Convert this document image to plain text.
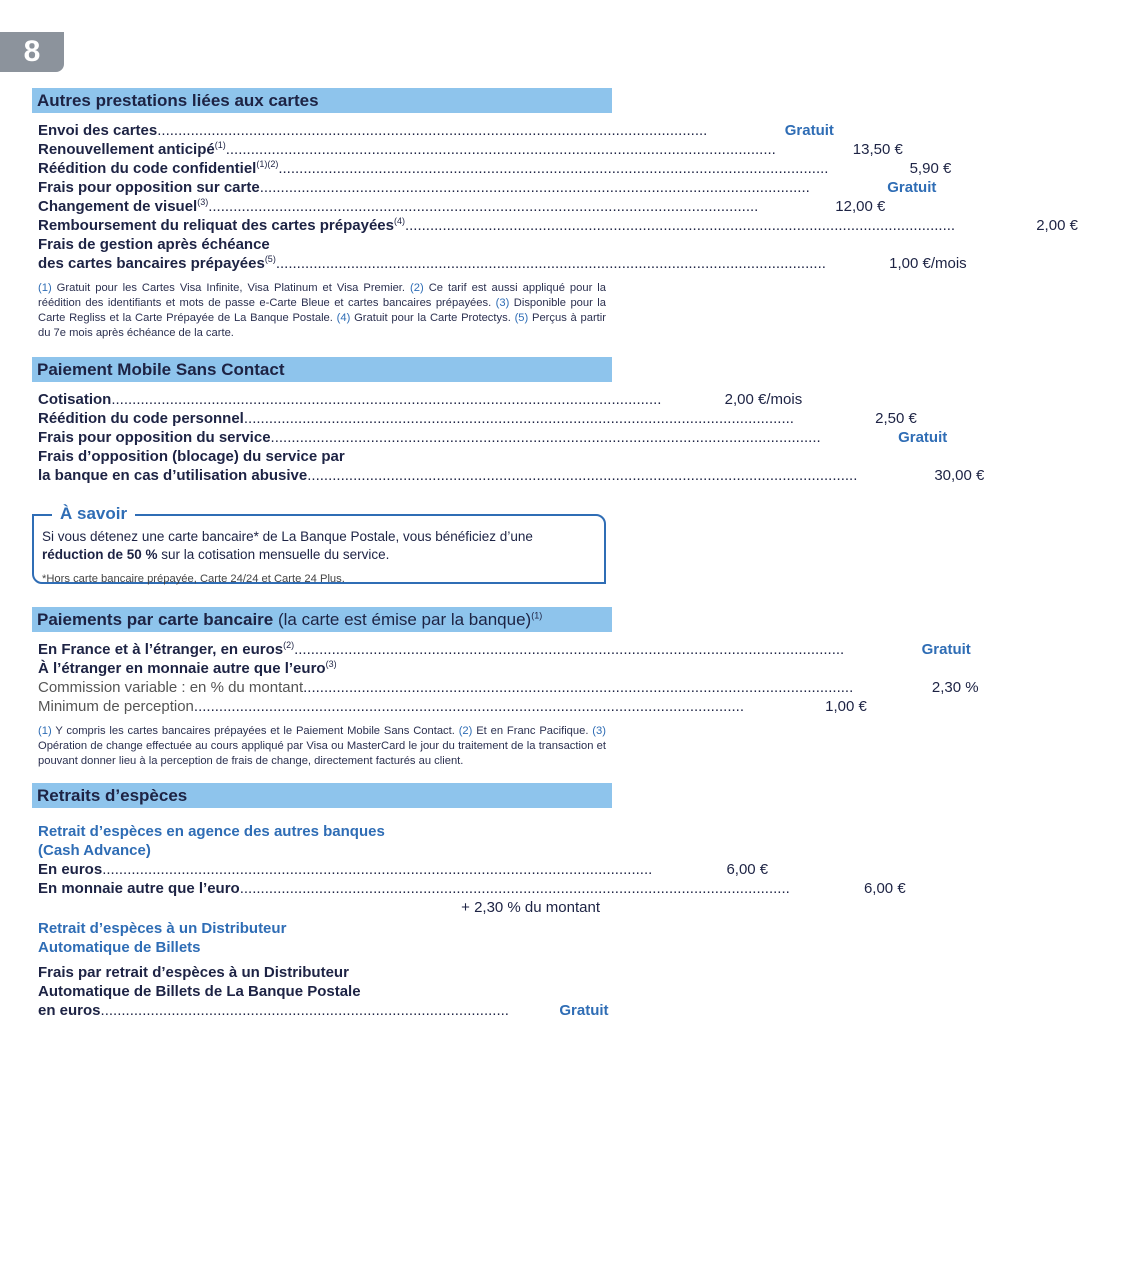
8
Autres prestations liées aux cartes
Envoi des cartes....................................................................................................................................	Gratuit
Renouvellement anticipé$^{(1)}$....................................................................................................................................	13,50 €
Réédition du code confidentiel$^{(1)(2)}$....................................................................................................................................	5,90 €
Frais pour opposition sur carte....................................................................................................................................	Gratuit
Changement de visuel$^{(3)}$....................................................................................................................................	12,00 €
Remboursement du reliquat des cartes prépayées$^{(4)}$....................................................................................................................................	2,00 €
Frais de gestion après échéance
des cartes bancaires prépayées$^{(5)}$....................................................................................................................................	1,00 €/mois
(1) Gratuit pour les Cartes Visa Infinite, Visa Platinum et Visa Premier. (2) Ce tarif est aussi appliqué pour la réédition des identifiants et mots de passe e-Carte Bleue et cartes bancaires prépayées. (3) Disponible pour la Carte Regliss et la Carte Prépayée de La Banque Postale. (4) Gratuit pour la Carte Protectys. (5) Perçus à partir du 7e mois après échéance de la carte.
Paiement Mobile Sans Contact
Cotisation....................................................................................................................................	2,00 €/mois
Réédition du code personnel....................................................................................................................................	2,50 €
Frais pour opposition du service....................................................................................................................................	Gratuit
Frais d’opposition (blocage) du service par
la banque en cas d’utilisation abusive....................................................................................................................................	30,00 €
À savoir

Si vous détenez une carte bancaire* de La Banque Postale, vous bénéficiez d’une réduction de 50 % sur la cotisation mensuelle du service.

*Hors carte bancaire prépayée, Carte 24/24 et Carte 24 Plus.

Paiements par carte bancaire (la carte est émise par la banque)$^{(1)}$
En France et à l’étranger, en euros$^{(2)}$....................................................................................................................................	Gratuit
À l’étranger en monnaie autre que l’euro$^{(3)}$
Commission variable : en % du montant....................................................................................................................................	2,30 %
Minimum de perception....................................................................................................................................	1,00 €
(1) Y compris les cartes bancaires prépayées et le Paiement Mobile Sans Contact. (2) Et en Franc Pacifique. (3) Opération de change effectuée au cours appliqué par Visa ou MasterCard le jour du traitement de la transaction et pouvant donner lieu à la perception de frais de change, directement facturés au client.
Retraits d’espèces
Retrait d’espèces en agence des autres banques
(Cash Advance)
En euros....................................................................................................................................	6,00 €
En monnaie autre que l’euro....................................................................................................................................	6,00 €
+ 2,30 % du montant
Retrait d’espèces à un Distributeur
Automatique de Billets
Frais par retrait d’espèces à un Distributeur
Automatique de Billets de La Banque Postale
en euros..................................................................................................	Gratuit
